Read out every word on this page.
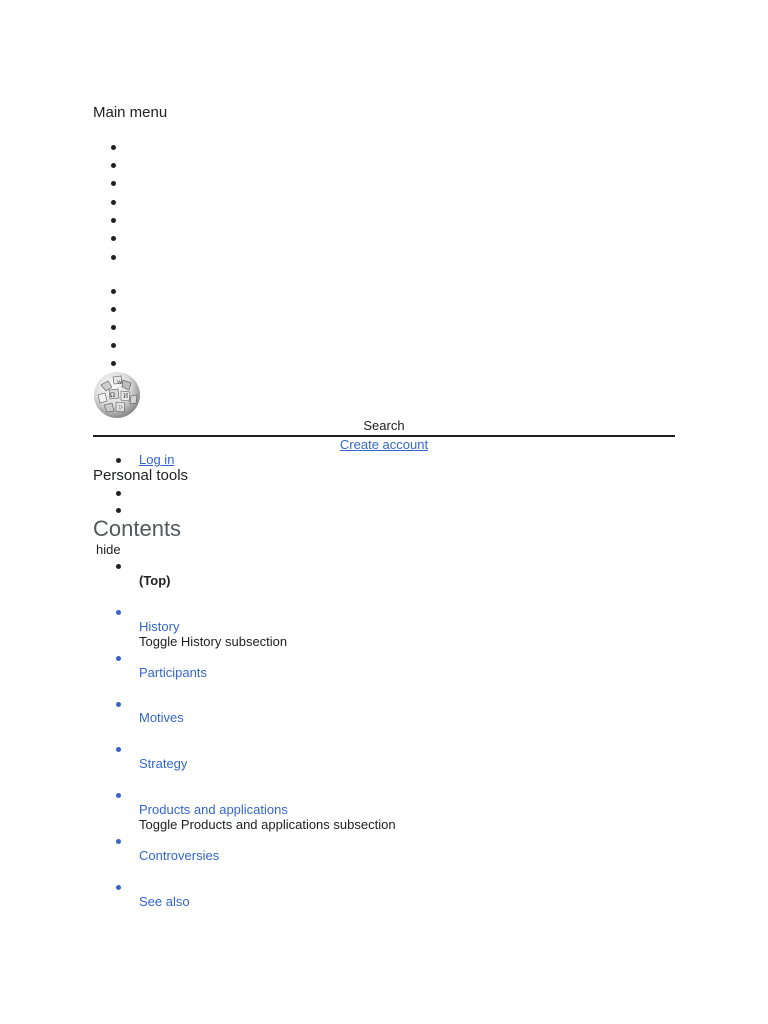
Main menu
Ω И
W
ひ
Search
Create account
Log in
Personal tools
Contents
hide
(Top)
History
Toggle History subsection
Participants
Motives
Strategy
Products and applications
Toggle Products and applications subsection
Controversies
See also
